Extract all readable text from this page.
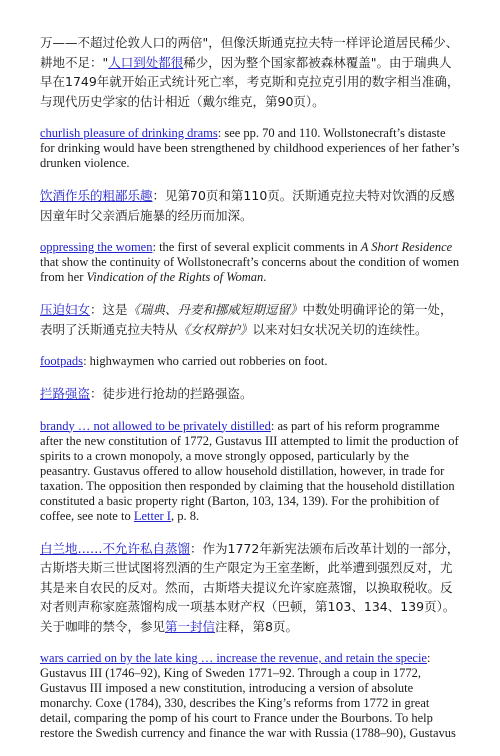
万——不超过伦敦人口的两倍"，但像沃斯通克拉夫特一样评论道居民稀少、耕地不足："人口到处都很稀少，因为整个国家都被森林覆盖"。由于瑞典人早在1749年就开始正式统计死亡率，考克斯和克拉克引用的数字相当准确，与现代历史学家的估计相近（戴尔维克，第90页）。

churlish pleasure of drinking drams: see pp. 70 and 110. Wollstonecraft’s distaste for drinking would have been strengthened by childhood experiences of her father’s drunken violence.

饮酒作乐的粗鄙乐趣：见第70页和第110页。沃斯通克拉夫特对饮酒的反感因童年时父亲酒后施暴的经历而加深。

oppressing the women: the first of several explicit comments in A Short Residence that show the continuity of Wollstonecraft’s concerns about the condition of women from her Vindication of the Rights of Woman.

压迫妇女：这是《瑞典、丹麦和挪威短期逗留》中数处明确评论的第一处，表明了沃斯通克拉夫特从《女权辩护》以来对妇女状况关切的连续性。

footpads: highwaymen who carried out robberies on foot.

拦路强盗：徒步进行抢劫的拦路强盗。

brandy … not allowed to be privately distilled: as part of his reform programme after the new constitution of 1772, Gustavus III attempted to limit the production of spirits to a crown monopoly, a move strongly opposed, particularly by the peasantry. Gustavus offered to allow household distillation, however, in trade for taxation. The opposition then responded by claiming that the household distillation constituted a basic property right (Barton, 103, 134, 139). For the prohibition of coffee, see note to Letter I, p. 8.

白兰地……不允许私自蒸馏：作为1772年新宪法颁布后改革计划的一部分，古斯塔夫斯三世试图将烈酒的生产限定为王室垄断，此举遭到强烈反对，尤其是来自农民的反对。然而，古斯塔夫提议允许家庭蒸馏，以换取税收。反对者则声称家庭蒸馏构成一项基本财产权（巴顿，第103、134、139页）。关于咖啡的禁令，参见第一封信注释，第8页。

wars carried on by the late king … increase the revenue, and retain the specie: Gustavus III (1746–92), King of Sweden 1771–92. Through a coup in 1772, Gustavus III imposed a new constitution, introducing a version of absolute monarchy. Coxe (1784), 330, describes the King’s reforms from 1772 in great detail, comparing the pomp of his court to France under the Bourbons. To help restore the Swedish currency and finance the war with Russia (1788–90), Gustavus
